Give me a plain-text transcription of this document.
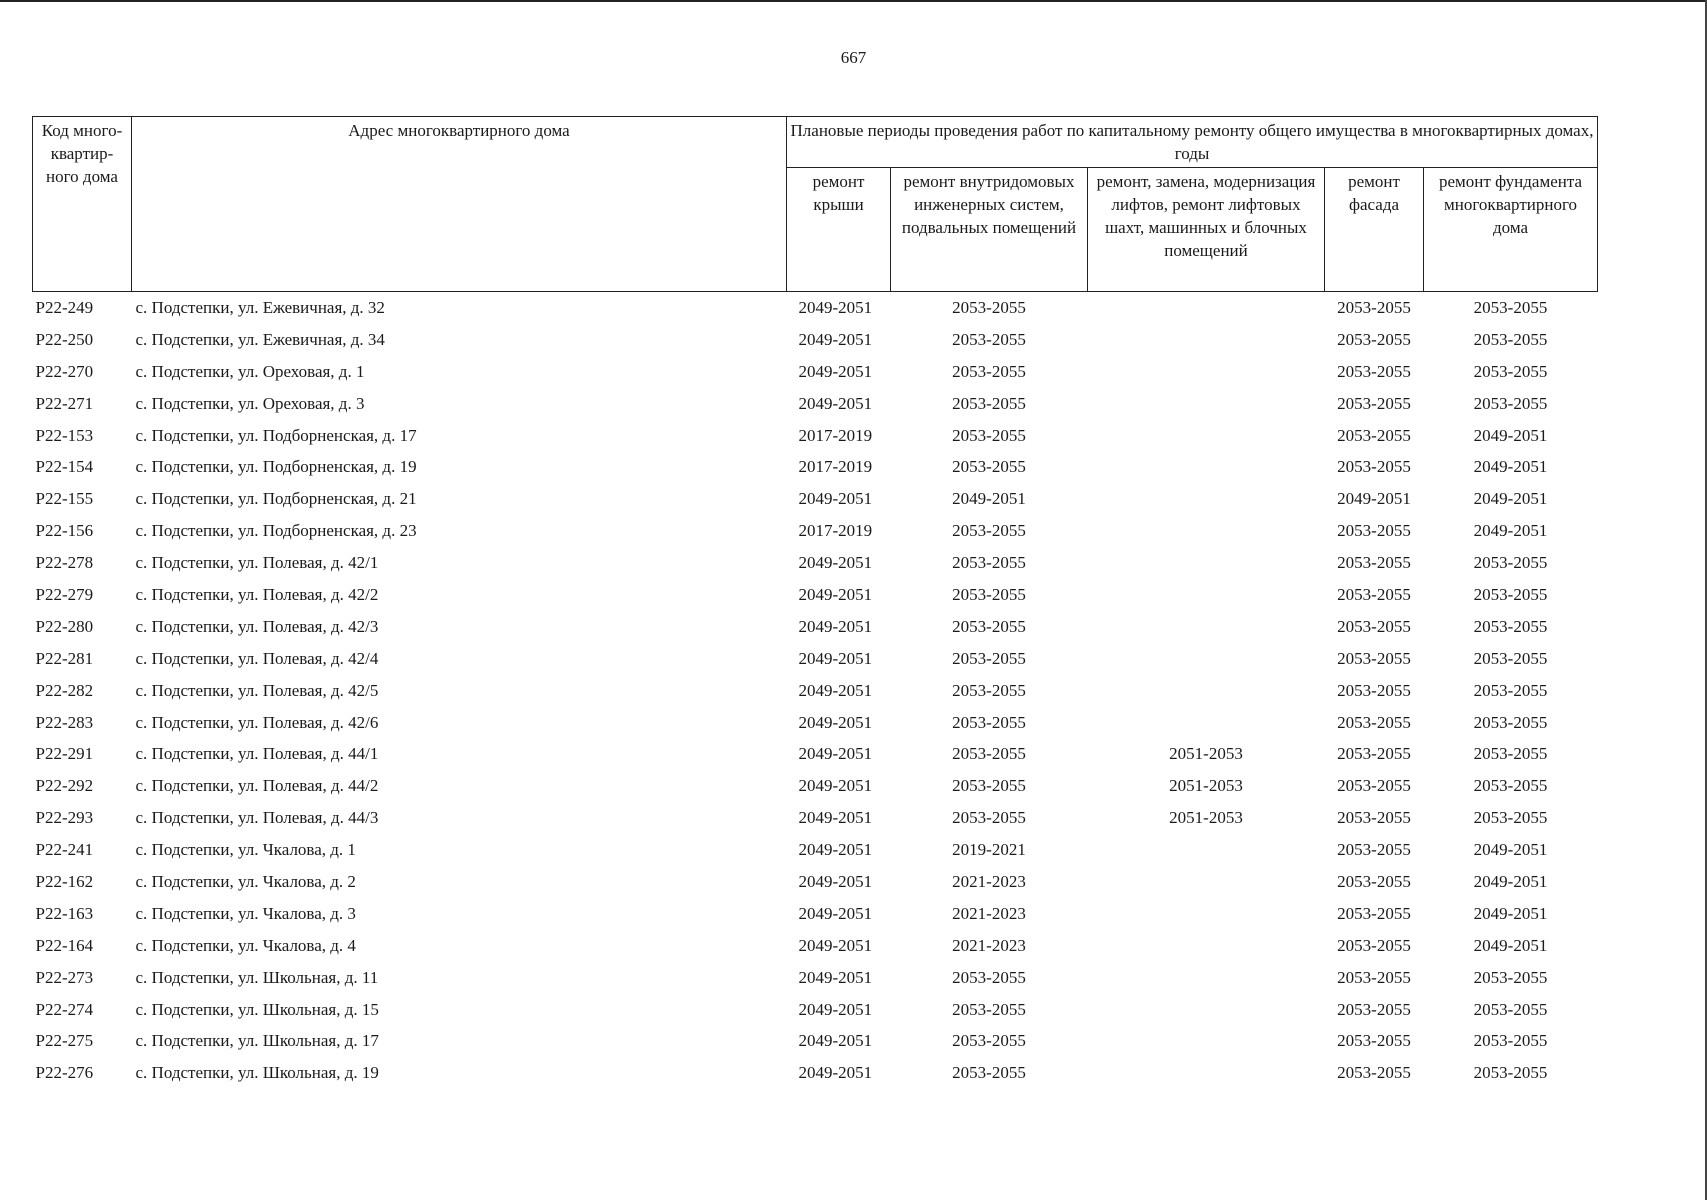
667
Код много-квартир-ного дома	Адрес многоквартирного дома	Плановые периоды проведения работ по капитальному ремонту общего имущества в многоквартирных домах, годы				
		ремонт крыши	ремонт внутридомовых инженерных систем, подвальных помещений	ремонт, замена, модернизация лифтов, ремонт лифтовых шахт, машинных и блочных помещений	ремонт фасада	ремонт фундамента многоквартирного дома
P22-249	с. Подстепки, ул. Ежевичная, д. 32	2049-2051	2053-2055		2053-2055	2053-2055
P22-250	с. Подстепки, ул. Ежевичная, д. 34	2049-2051	2053-2055		2053-2055	2053-2055
P22-270	с. Подстепки, ул. Ореховая, д. 1	2049-2051	2053-2055		2053-2055	2053-2055
P22-271	с. Подстепки, ул. Ореховая, д. 3	2049-2051	2053-2055		2053-2055	2053-2055
P22-153	с. Подстепки, ул. Подборненская, д. 17	2017-2019	2053-2055		2053-2055	2049-2051
P22-154	с. Подстепки, ул. Подборненская, д. 19	2017-2019	2053-2055		2053-2055	2049-2051
P22-155	с. Подстепки, ул. Подборненская, д. 21	2049-2051	2049-2051		2049-2051	2049-2051
P22-156	с. Подстепки, ул. Подборненская, д. 23	2017-2019	2053-2055		2053-2055	2049-2051
P22-278	с. Подстепки, ул. Полевая, д. 42/1	2049-2051	2053-2055		2053-2055	2053-2055
P22-279	с. Подстепки, ул. Полевая, д. 42/2	2049-2051	2053-2055		2053-2055	2053-2055
P22-280	с. Подстепки, ул. Полевая, д. 42/3	2049-2051	2053-2055		2053-2055	2053-2055
P22-281	с. Подстепки, ул. Полевая, д. 42/4	2049-2051	2053-2055		2053-2055	2053-2055
P22-282	с. Подстепки, ул. Полевая, д. 42/5	2049-2051	2053-2055		2053-2055	2053-2055
P22-283	с. Подстепки, ул. Полевая, д. 42/6	2049-2051	2053-2055		2053-2055	2053-2055
P22-291	с. Подстепки, ул. Полевая, д. 44/1	2049-2051	2053-2055	2051-2053	2053-2055	2053-2055
P22-292	с. Подстепки, ул. Полевая, д. 44/2	2049-2051	2053-2055	2051-2053	2053-2055	2053-2055
P22-293	с. Подстепки, ул. Полевая, д. 44/3	2049-2051	2053-2055	2051-2053	2053-2055	2053-2055
P22-241	с. Подстепки, ул. Чкалова, д. 1	2049-2051	2019-2021		2053-2055	2049-2051
P22-162	с. Подстепки, ул. Чкалова, д. 2	2049-2051	2021-2023		2053-2055	2049-2051
P22-163	с. Подстепки, ул. Чкалова, д. 3	2049-2051	2021-2023		2053-2055	2049-2051
P22-164	с. Подстепки, ул. Чкалова, д. 4	2049-2051	2021-2023		2053-2055	2049-2051
P22-273	с. Подстепки, ул. Школьная, д. 11	2049-2051	2053-2055		2053-2055	2053-2055
P22-274	с. Подстепки, ул. Школьная, д. 15	2049-2051	2053-2055		2053-2055	2053-2055
P22-275	с. Подстепки, ул. Школьная, д. 17	2049-2051	2053-2055		2053-2055	2053-2055
P22-276	с. Подстепки, ул. Школьная, д. 19	2049-2051	2053-2055		2053-2055	2053-2055
